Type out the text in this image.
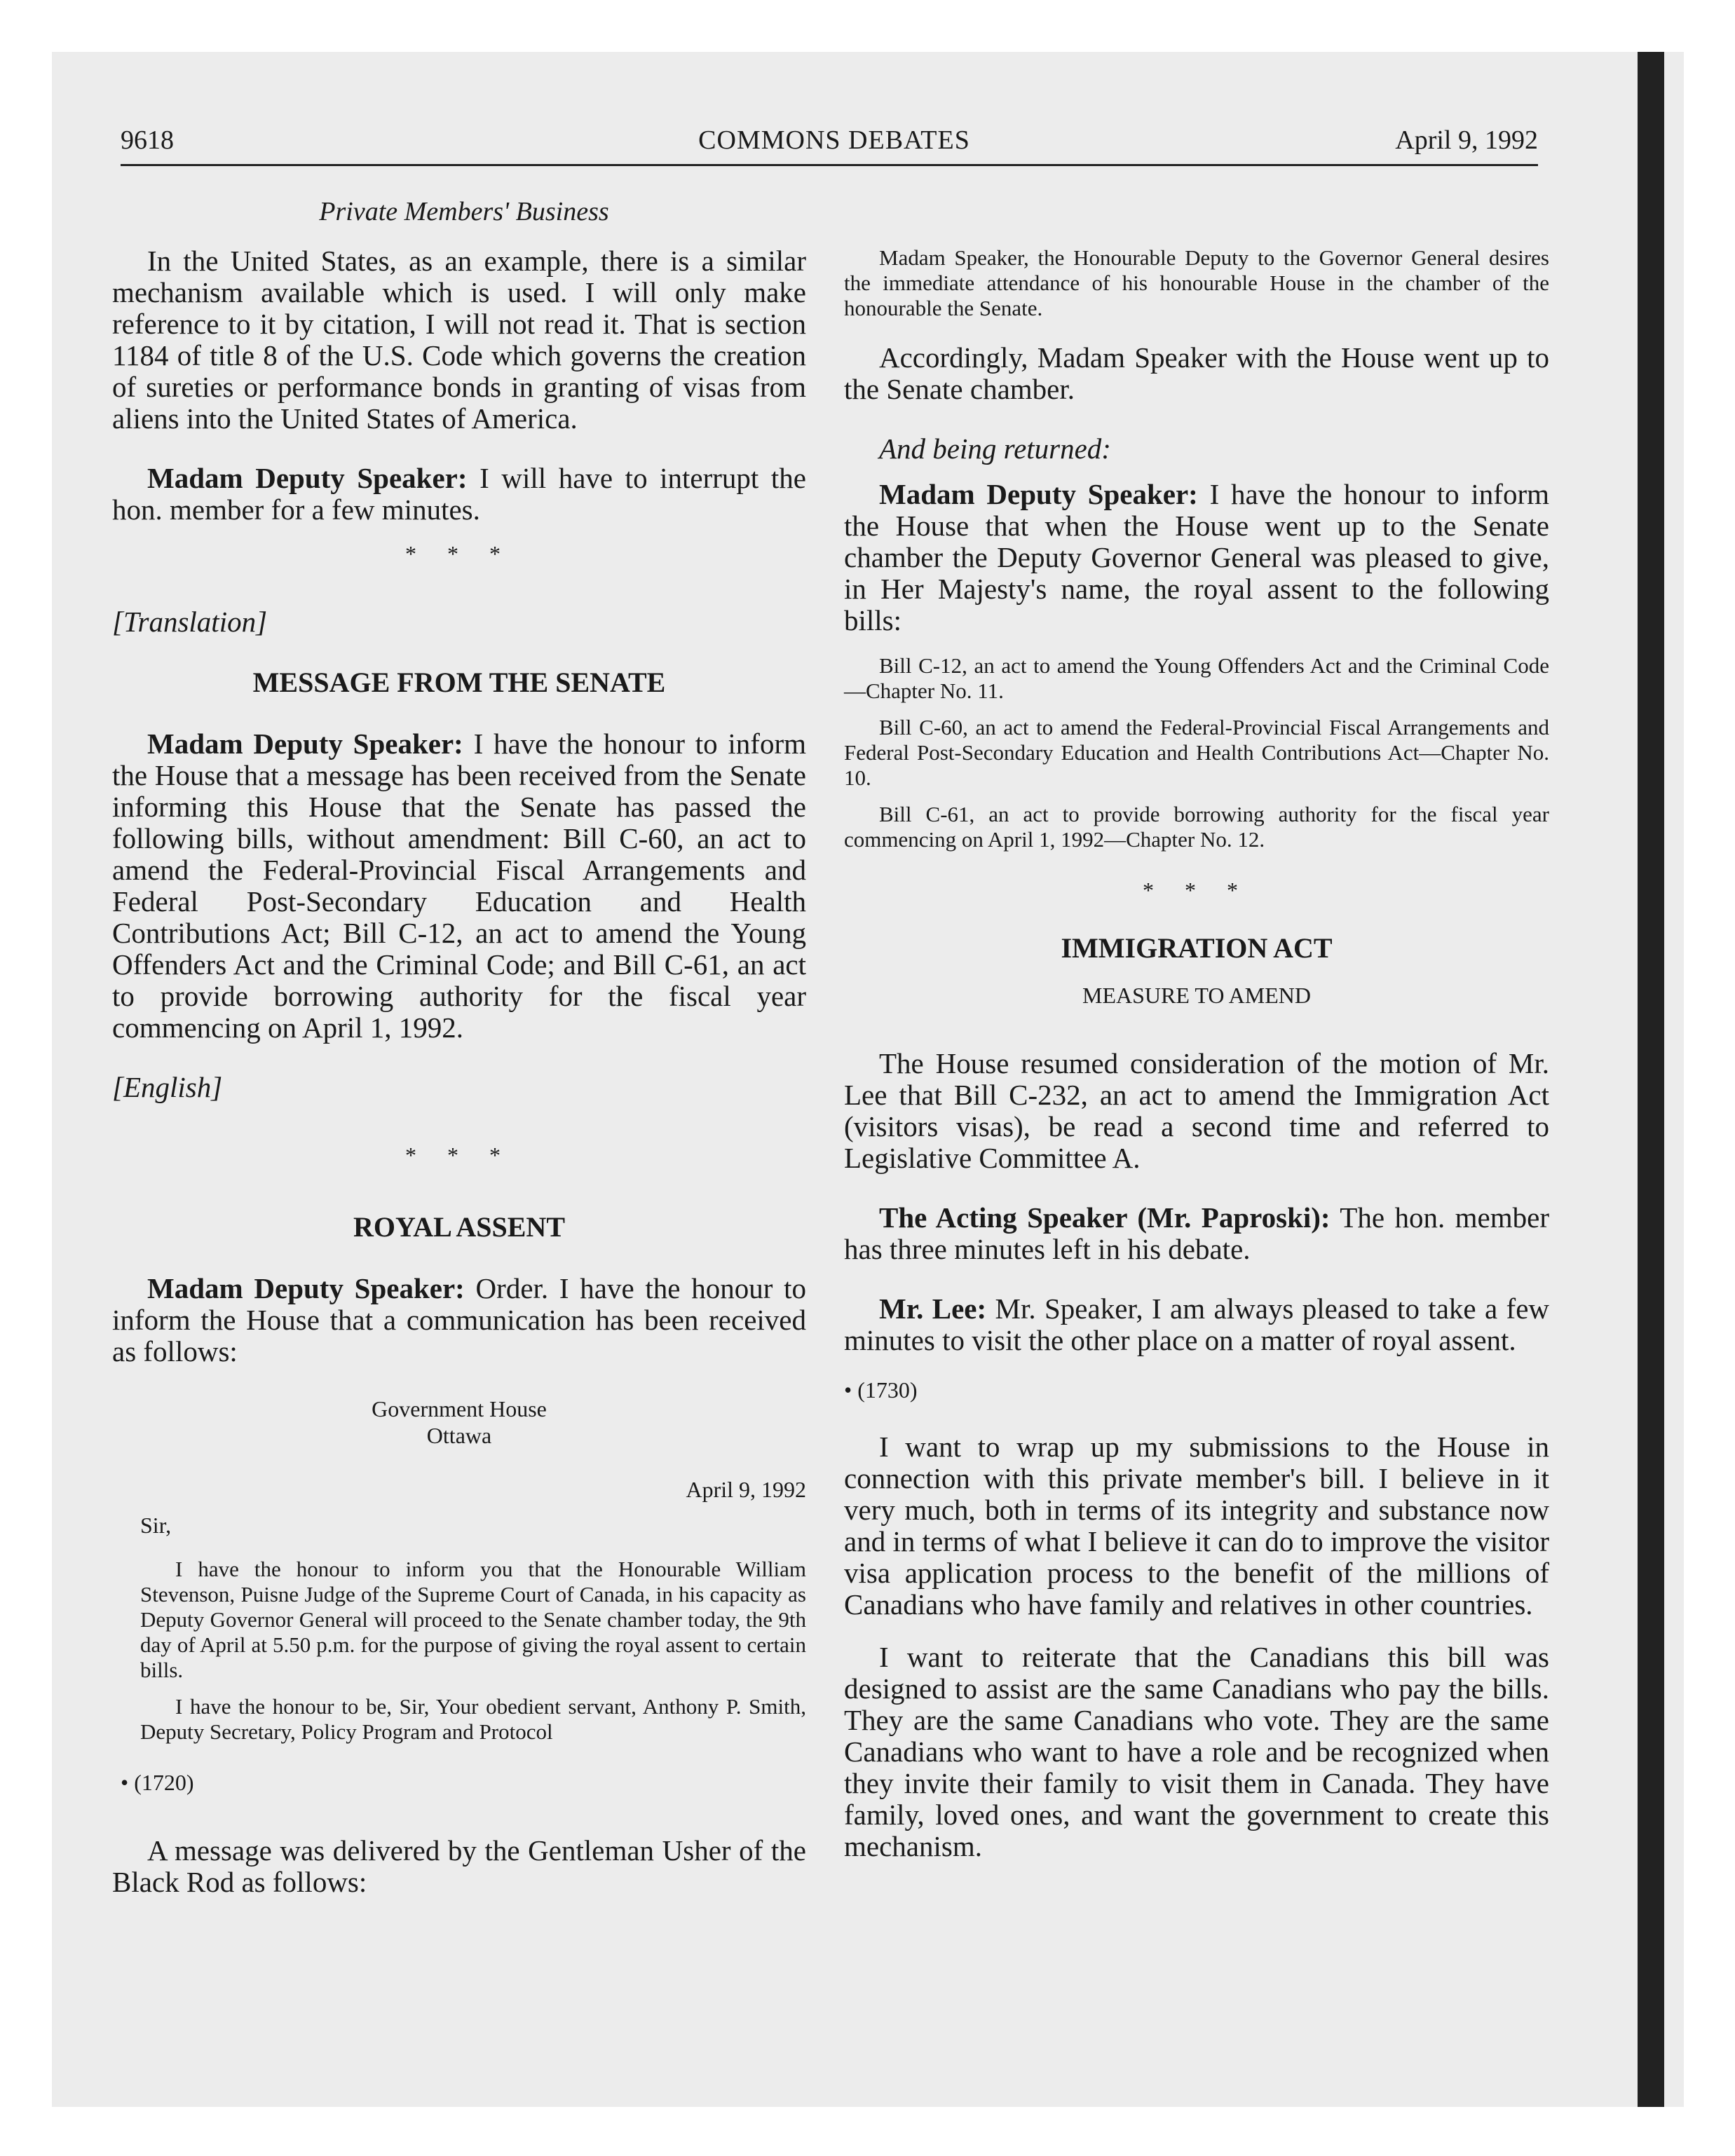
9618	COMMONS DEBATES	April 9, 1992
Private Members' Business

In the United States, as an example, there is a similar mechanism available which is used. I will only make reference to it by citation, I will not read it. That is section 1184 of title 8 of the U.S. Code which governs the creation of sureties or performance bonds in granting of visas from aliens into the United States of America.

Madam Deputy Speaker: I will have to interrupt the hon. member for a few minutes.

* * *

[Translation]

MESSAGE FROM THE SENATE

Madam Deputy Speaker: I have the honour to inform the House that a message has been received from the Senate informing this House that the Senate has passed the following bills, without amendment: Bill C-60, an act to amend the Federal-Provincial Fiscal Arrangements and Federal Post-Secondary Education and Health Contributions Act; Bill C-12, an act to amend the Young Offenders Act and the Criminal Code; and Bill C-61, an act to provide borrowing authority for the fiscal year commencing on April 1, 1992.

[English]

* * *
ROYAL ASSENT

Madam Deputy Speaker: Order. I have the honour to inform the House that a communication has been received as follows:

Government House
Ottawa
April 9, 1992
Sir,

I have the honour to inform you that the Honourable William Stevenson, Puisne Judge of the Supreme Court of Canada, in his capacity as Deputy Governor General will proceed to the Senate chamber today, the 9th day of April at 5.50 p.m. for the purpose of giving the royal assent to certain bills.

I have the honour to be, Sir, Your obedient servant, Anthony P. Smith, Deputy Secretary, Policy Program and Protocol

• (1720)

A message was delivered by the Gentleman Usher of the Black Rod as follows:

Madam Speaker, the Honourable Deputy to the Governor General desires the immediate attendance of his honourable House in the chamber of the honourable the Senate.

Accordingly, Madam Speaker with the House went up to the Senate chamber.

And being returned:

Madam Deputy Speaker: I have the honour to inform the House that when the House went up to the Senate chamber the Deputy Governor General was pleased to give, in Her Majesty's name, the royal assent to the following bills:

Bill C-12, an act to amend the Young Offenders Act and the Criminal Code—Chapter No. 11.

Bill C-60, an act to amend the Federal-Provincial Fiscal Arrangements and Federal Post-Secondary Education and Health Contributions Act—Chapter No. 10.

Bill C-61, an act to provide borrowing authority for the fiscal year commencing on April 1, 1992—Chapter No. 12.

* * *
IMMIGRATION ACT
MEASURE TO AMEND

The House resumed consideration of the motion of Mr. Lee that Bill C-232, an act to amend the Immigration Act (visitors visas), be read a second time and referred to Legislative Committee A.

The Acting Speaker (Mr. Paproski): The hon. member has three minutes left in his debate.

Mr. Lee: Mr. Speaker, I am always pleased to take a few minutes to visit the other place on a matter of royal assent.

• (1730)

I want to wrap up my submissions to the House in connection with this private member's bill. I believe in it very much, both in terms of its integrity and substance now and in terms of what I believe it can do to improve the visitor visa application process to the benefit of the millions of Canadians who have family and relatives in other countries.

I want to reiterate that the Canadians this bill was designed to assist are the same Canadians who pay the bills. They are the same Canadians who vote. They are the same Canadians who want to have a role and be recognized when they invite their family to visit them in Canada. They have family, loved ones, and want the government to create this mechanism.
